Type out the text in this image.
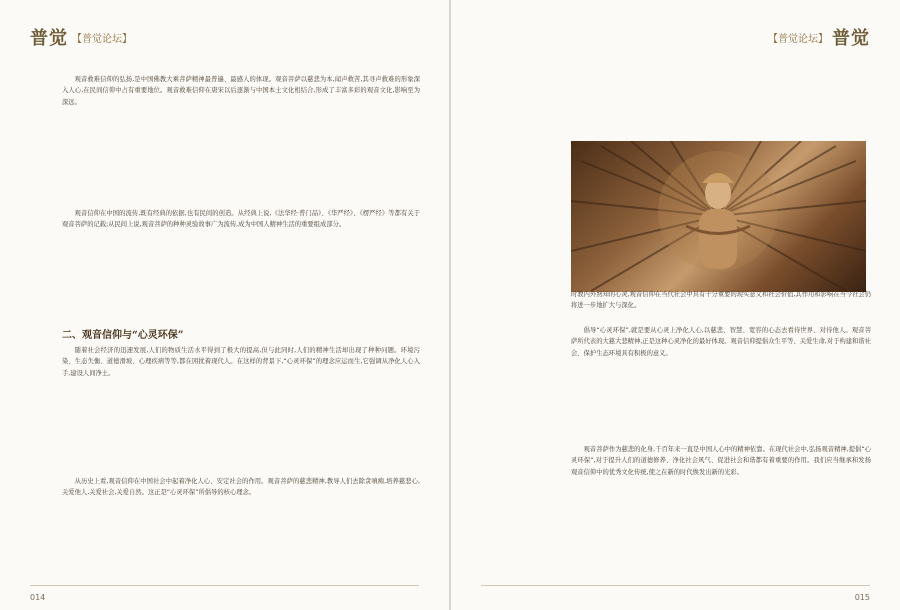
普觉 【普觉论坛】

观音救难信仰的弘扬,是中国佛教大乘菩萨精神最普遍、最感人的体现。观音菩萨以慈悲为本,闻声救苦,其寻声救难的形象深入人心,在民间信仰中占有重要地位。观音救难信仰在唐宋以后逐渐与中国本土文化相结合,形成了丰富多彩的观音文化,影响至为深远。

观音信仰在中国的流传,既有经典的依据,也有民间的创造。从经典上说,《法华经·普门品》、《华严经》、《楞严经》等都有关于观音菩萨的记载;从民间上说,观音菩萨的种种灵验故事广为流传,成为中国人精神生活的重要组成部分。

二、观音信仰与“心灵环保”

随着社会经济的迅速发展,人们的物质生活水平得到了极大的提高,但与此同时,人们的精神生活却出现了种种问题。环境污染、生态失衡、道德滑坡、心理疾病等等,都在困扰着现代人。在这样的背景下,“心灵环保”的理念应运而生,它强调从净化人心入手,建设人间净土。

从历史上看,观音信仰在中国社会中起着净化人心、安定社会的作用。观音菩萨的慈悲精神,教导人们去除贪嗔痴,培养慈悲心,关爱他人,关爱社会,关爱自然。这正是“心灵环保”所倡导的核心理念。

014
【普觉论坛】 普觉

时教内外熟知的心灵,观音信仰在当代社会中具有十分重要的现实意义和社会价值,其作用和影响在当今社会仍将进一步地扩大与深化。

倡导“心灵环保”,就是要从心灵上净化人心,以慈悲、智慧、宽容的心态去看待世界、对待他人。观音菩萨所代表的大慈大悲精神,正是这种心灵净化的最好体现。观音信仰提倡众生平等、关爱生命,对于构建和谐社会、保护生态环境具有积极的意义。

观音菩萨作为慈悲的化身,千百年来一直是中国人心中的精神依靠。在现代社会中,弘扬观音精神,提倡“心灵环保”,对于提升人们的道德修养、净化社会风气、促进社会和谐都有着重要的作用。我们应当继承和发扬观音信仰中的优秀文化传统,使之在新的时代焕发出新的光彩。

015
